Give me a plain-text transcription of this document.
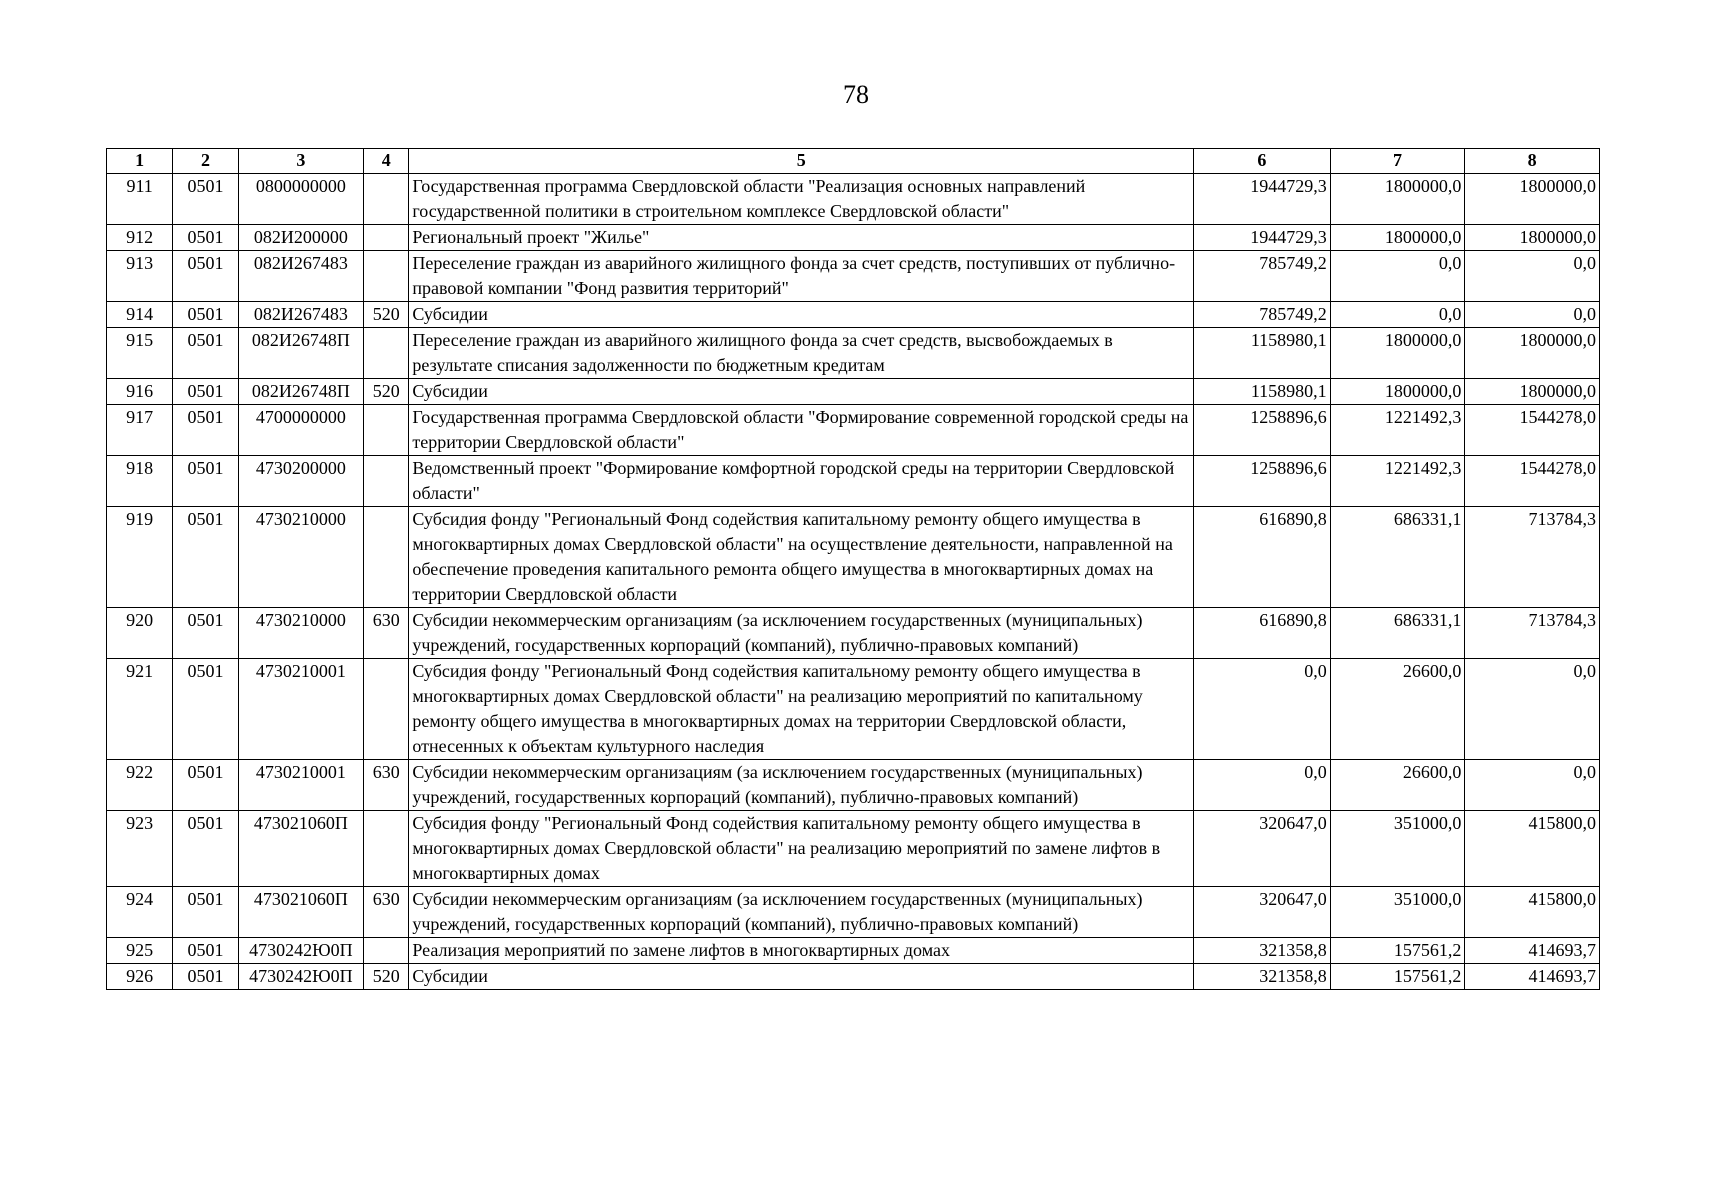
78
1	2	3	4	5	6	7	8
911	0501	0800000000		Государственная программа Свердловской области "Реализация основных направлений государственной политики в строительном комплексе Свердловской области"	1944729,3	1800000,0	1800000,0
912	0501	082И200000		Региональный проект "Жилье"	1944729,3	1800000,0	1800000,0
913	0501	082И267483		Переселение граждан из аварийного жилищного фонда за счет средств, поступивших от публично-правовой компании "Фонд развития территорий"	785749,2	0,0	0,0
914	0501	082И267483	520	Субсидии	785749,2	0,0	0,0
915	0501	082И26748П		Переселение граждан из аварийного жилищного фонда за счет средств, высвобождаемых в результате списания задолженности по бюджетным кредитам	1158980,1	1800000,0	1800000,0
916	0501	082И26748П	520	Субсидии	1158980,1	1800000,0	1800000,0
917	0501	4700000000		Государственная программа Свердловской области "Формирование современной городской среды на территории Свердловской области"	1258896,6	1221492,3	1544278,0
918	0501	4730200000		Ведомственный проект "Формирование комфортной городской среды на территории Свердловской области"	1258896,6	1221492,3	1544278,0
919	0501	4730210000		Субсидия фонду "Региональный Фонд содействия капитальному ремонту общего имущества в многоквартирных домах Свердловской области" на осуществление деятельности, направленной на обеспечение проведения капитального ремонта общего имущества в многоквартирных домах на территории Свердловской области	616890,8	686331,1	713784,3
920	0501	4730210000	630	Субсидии некоммерческим организациям (за исключением государственных (муниципальных) учреждений, государственных корпораций (компаний), публично-правовых компаний)	616890,8	686331,1	713784,3
921	0501	4730210001		Субсидия фонду "Региональный Фонд содействия капитальному ремонту общего имущества в многоквартирных домах Свердловской области" на реализацию мероприятий по капитальному ремонту общего имущества в многоквартирных домах на территории Свердловской области, отнесенных к объектам культурного наследия	0,0	26600,0	0,0
922	0501	4730210001	630	Субсидии некоммерческим организациям (за исключением государственных (муниципальных) учреждений, государственных корпораций (компаний), публично-правовых компаний)	0,0	26600,0	0,0
923	0501	473021060П		Субсидия фонду "Региональный Фонд содействия капитальному ремонту общего имущества в многоквартирных домах Свердловской области" на реализацию мероприятий по замене лифтов в многоквартирных домах	320647,0	351000,0	415800,0
924	0501	473021060П	630	Субсидии некоммерческим организациям (за исключением государственных (муниципальных) учреждений, государственных корпораций (компаний), публично-правовых компаний)	320647,0	351000,0	415800,0
925	0501	4730242Ю0П		Реализация мероприятий по замене лифтов в многоквартирных домах	321358,8	157561,2	414693,7
926	0501	4730242Ю0П	520	Субсидии	321358,8	157561,2	414693,7
